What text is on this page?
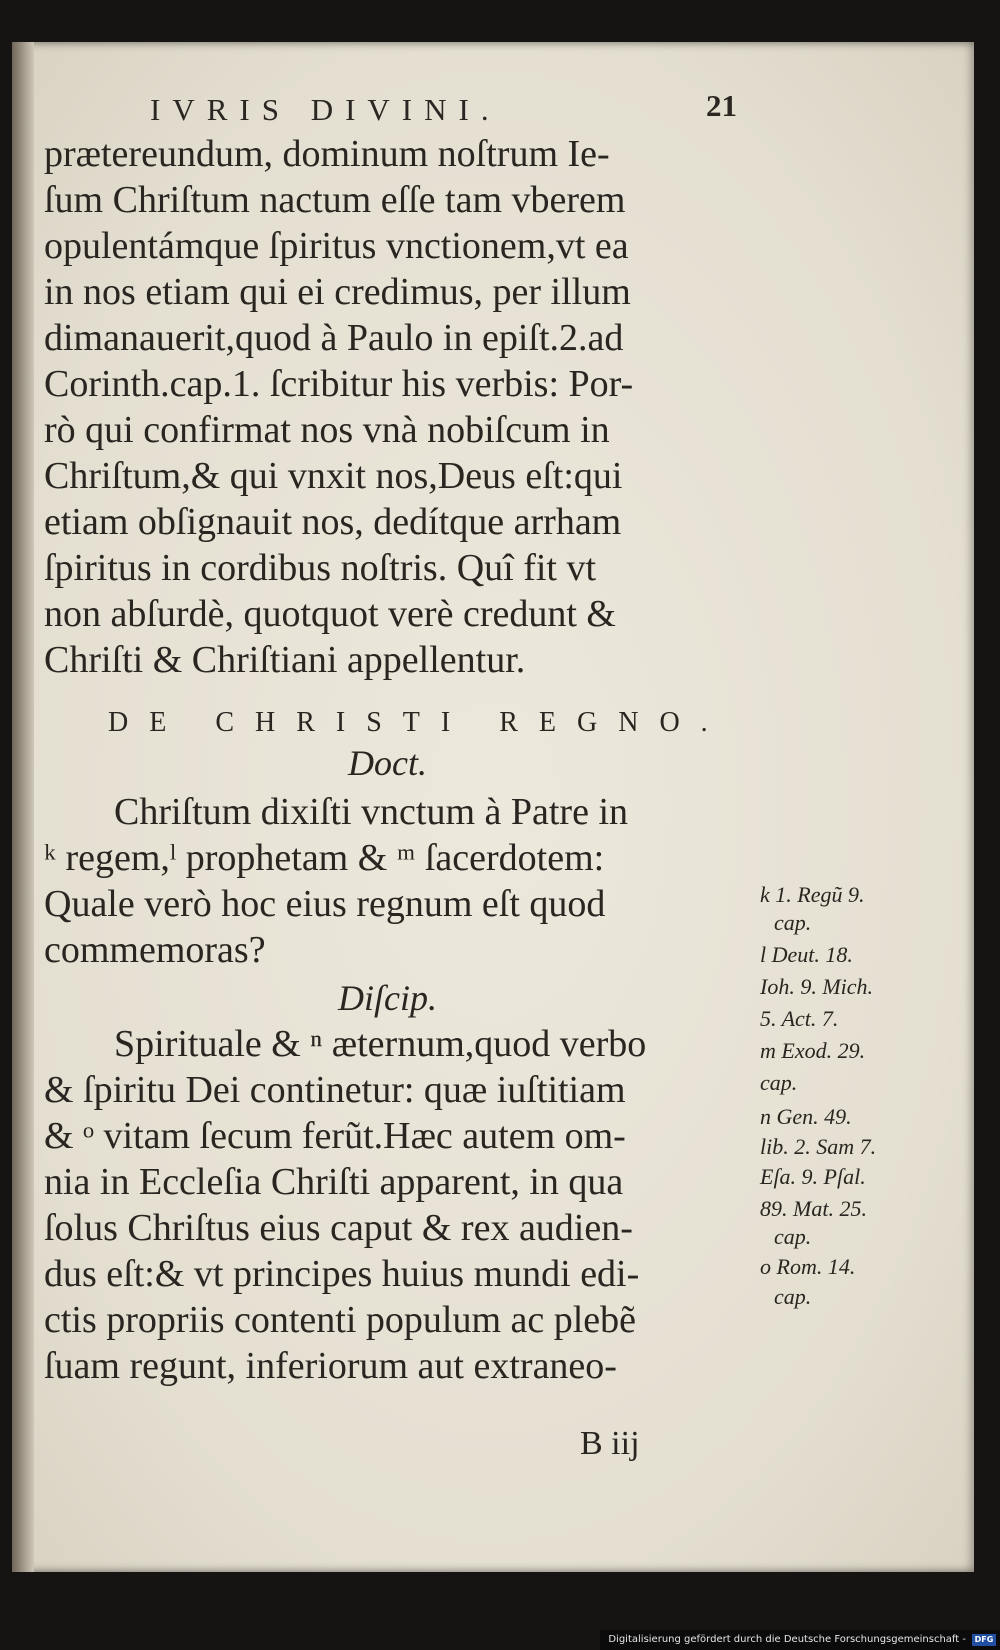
IVRIS DIVINI.	21
prætereundum, dominum noſtrum Ie-
ſum Chriſtum nactum eſſe tam vberem
opulentámque ſpiritus vnctionem,vt ea
in nos etiam qui ei credimus, per illum
dimanauerit,quod à Paulo in epiſt.2.ad
Corinth.cap.1. ſcribitur his verbis: Por-
rò qui confirmat nos vnà nobiſcum in
Chriſtum,& qui vnxit nos,Deus eſt:qui
etiam obſignauit nos, dedítque arrham
ſpiritus in cordibus noſtris. Quî fit vt
non abſurdè, quotquot verè credunt &
Chriſti & Chriſtiani appellentur.
DE CHRISTI REGNO.
Doct.
Chriſtum dixiſti vnctum à Patre in
ᵏ regem,ˡ prophetam & ᵐ ſacerdotem:
Quale verò hoc eius regnum eſt quod
commemoras?
Diſcip.
Spirituale & ⁿ æternum,quod verbo
& ſpiritu Dei continetur: quæ iuſtitiam
& ᵒ vitam ſecum ferũt.Hæc autem om-
nia in Eccleſia Chriſti apparent, in qua
ſolus Chriſtus eius caput & rex audien-
dus eſt:& vt principes huius mundi edi-
ctis propriis contenti populum ac plebẽ
ſuam regunt, inferiorum aut extraneo-
k 1. Regũ 9.
cap.
l Deut. 18.
Ioh. 9. Mich.
5. Act. 7.
m Exod. 29.
cap.
n Gen. 49.
lib. 2. Sam 7.
Eſa. 9. Pſal.
89. Mat. 25.
cap.
o Rom. 14.
cap.
B iij
Digitalisierung gefördert durch die Deutsche Forschungsgemeinschaft -	DFG
